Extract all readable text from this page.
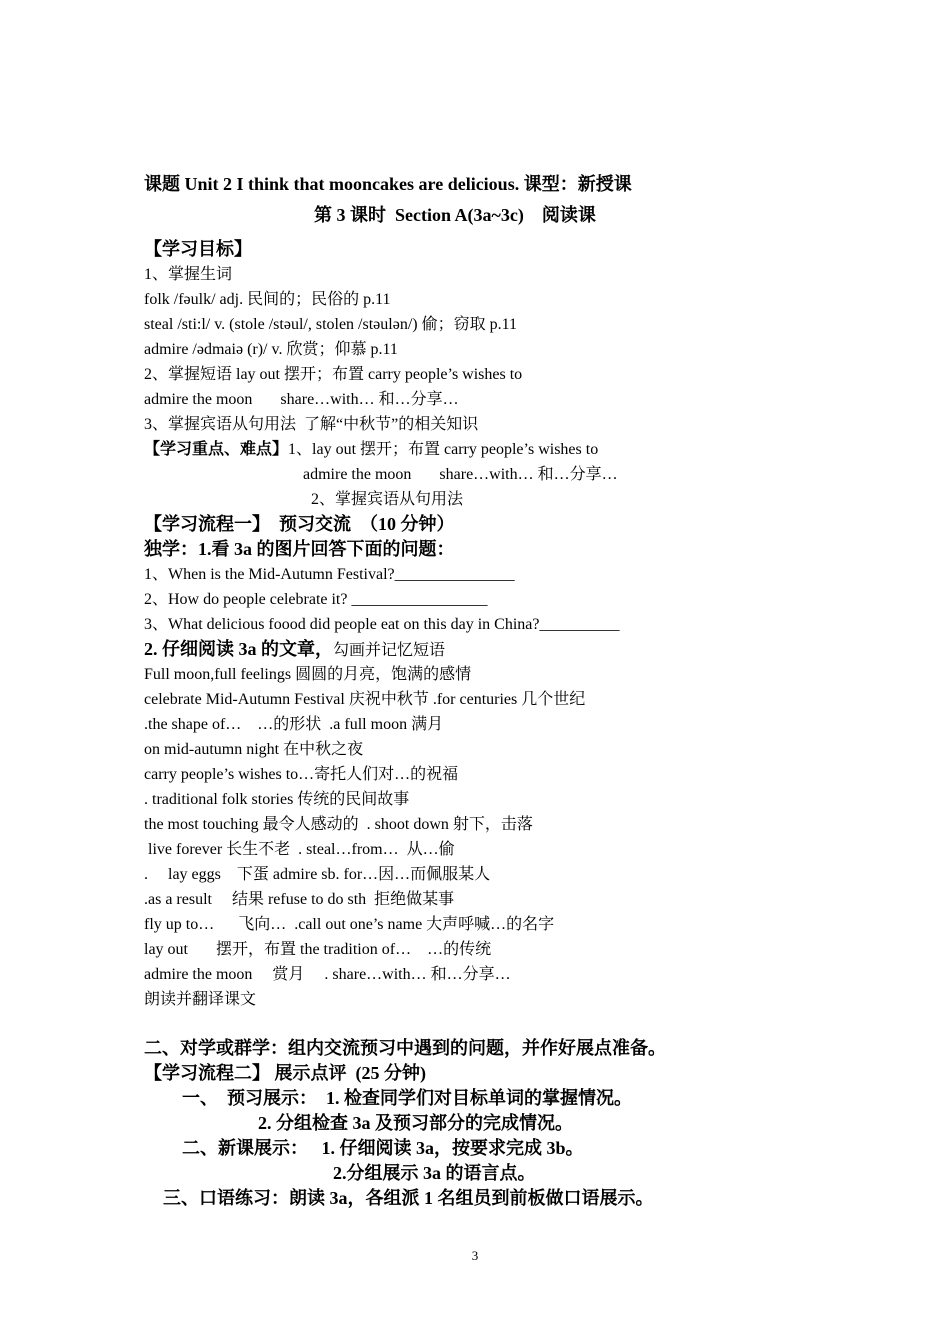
课题 Unit 2 I think that mooncakes are delicious. 课型：新授课
第 3 课时  Section A(3a~3c)    阅读课
【学习目标】
1、掌握生词
folk /fəulk/ adj. 民间的；民俗的 p.11
steal /sti:l/ v. (stole /stəul/, stolen /stəulən/) 偷；窃取 p.11
admire /ədmaiə (r)/ v. 欣赏；仰慕 p.11
2、掌握短语 lay out 摆开；布置 carry people’s wishes to
admire the moon       share…with… 和…分享…
3、掌握宾语从句用法  了解“中秋节”的相关知识
【学习重点、难点】1、lay out 摆开；布置 carry people’s wishes to
admire the moon       share…with… 和…分享…
2、掌握宾语从句用法
【学习流程一】  预习交流  （10 分钟）
独学：1.看 3a 的图片回答下面的问题：
1、When is the Mid-Autumn Festival?_______________
2、How do people celebrate it? _________________
3、What delicious foood did people eat on this day in China?__________
2. 仔细阅读 3a 的文章，勾画并记忆短语
Full moon,full feelings 圆圆的月亮，饱满的感情
celebrate Mid-Autumn Festival 庆祝中秋节 .for centuries 几个世纪
.the shape of…    …的形状  .a full moon 满月
on mid-autumn night 在中秋之夜
carry people’s wishes to…寄托人们对…的祝福
. traditional folk stories 传统的民间故事
the most touching 最令人感动的  . shoot down 射下，击落
live forever 长生不老  . steal…from…  从…偷
.     lay eggs    下蛋 admire sb. for…因…而佩服某人
.as a result     结果 refuse to do sth  拒绝做某事
fly up to…      飞向…  .call out one’s name 大声呼喊…的名字
lay out       摆开，布置 the tradition of…    …的传统
admire the moon     赏月     . share…with… 和…分享…
朗读并翻译课文
二、对学或群学：组内交流预习中遇到的问题，并作好展点准备。
【学习流程二】 展示点评  (25 分钟)
一、  预习展示：  1. 检查同学们对目标单词的掌握情况。
2. 分组检查 3a 及预习部分的完成情况。
二、新课展示：   1. 仔细阅读 3a，按要求完成 3b。
2.分组展示 3a 的语言点。
三、口语练习：朗读 3a，各组派 1 名组员到前板做口语展示。
3
